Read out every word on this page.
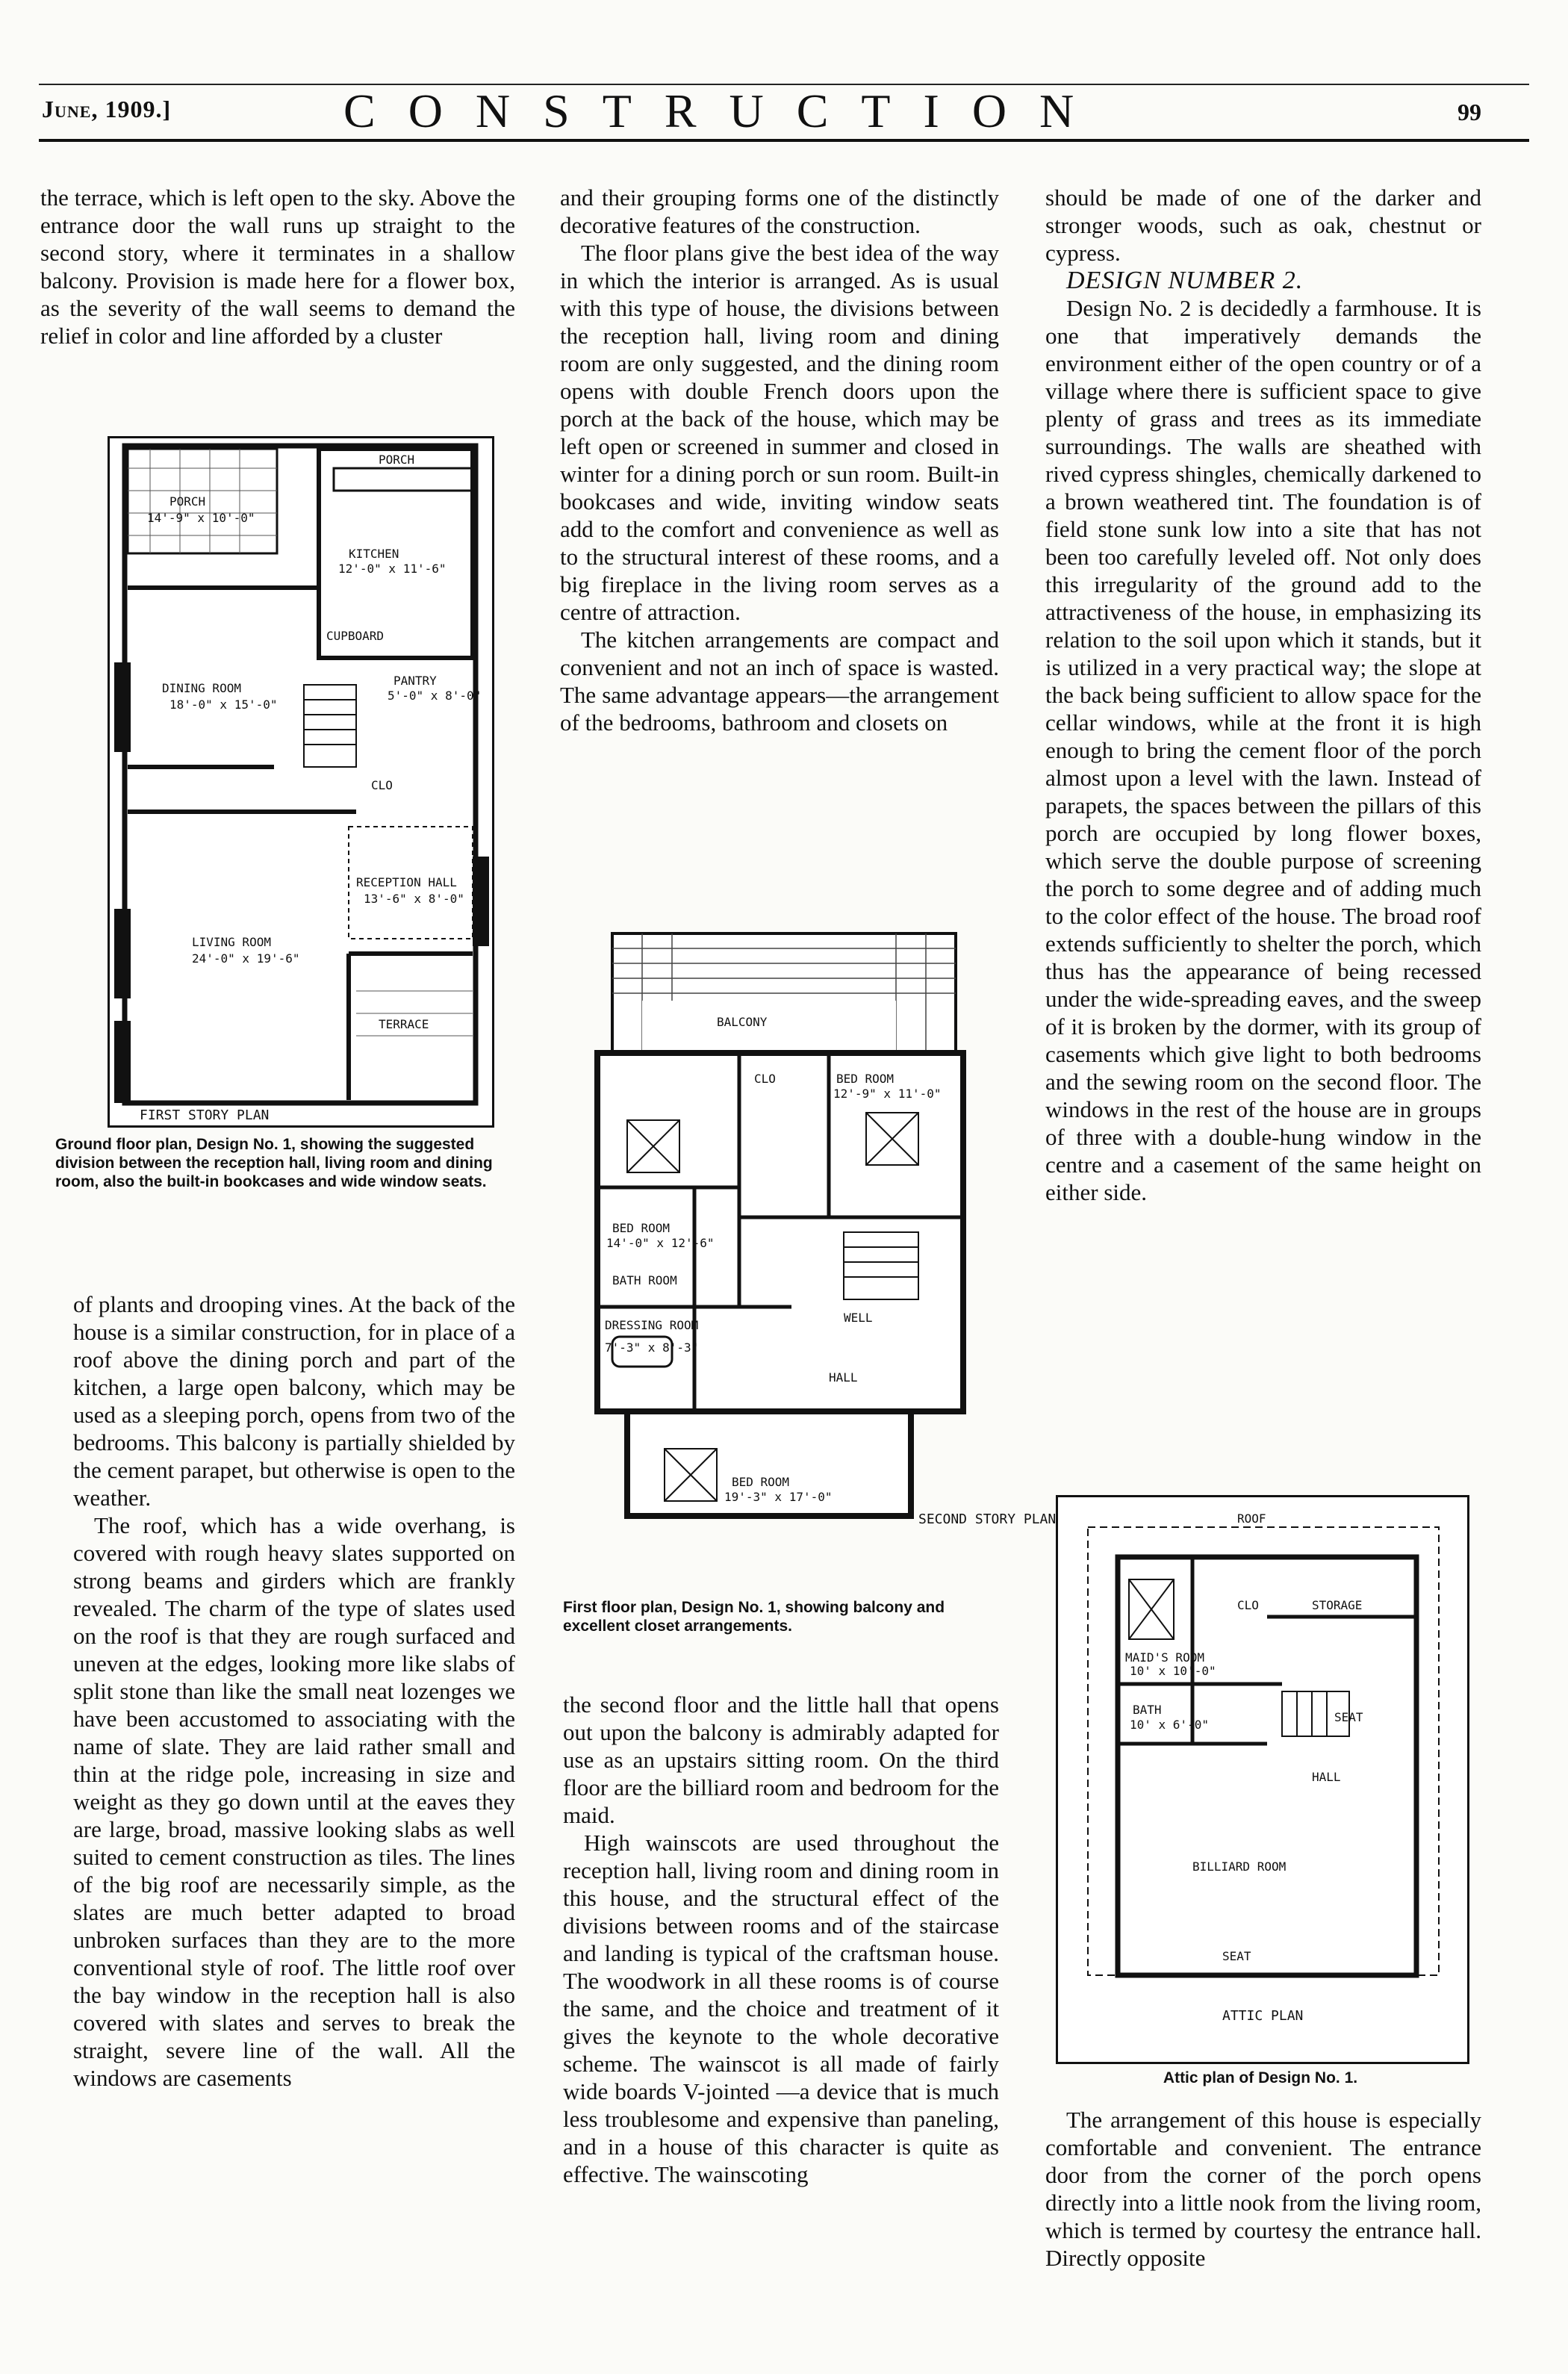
June, 1909.]	CONSTRUCTION	99

the terrace, which is left open to the sky. Above the entrance door the wall runs up straight to the second story, where it terminates in a shallow balcony. Provision is made here for a flower box, as the severity of the wall seems to demand the relief in color and line afforded by a cluster

PORCH
14'-9" x 10'-0"
PORCH
KITCHEN
12'-0" x 11'-6"
CUPBOARD
DINING ROOM
18'-0" x 15'-0"
PANTRY
5'-0" x 8'-0"
CLO
RECEPTION HALL
13'-6" x 8'-0"
LIVING ROOM
24'-0" x 19'-6"
TERRACE
FIRST STORY PLAN
Ground floor plan, Design No. 1, showing the suggested division between the reception hall, living room and dining room, also the built-in bookcases and wide window seats.

of plants and drooping vines. At the back of the house is a similar construction, for in place of a roof above the dining porch and part of the kitchen, a large open balcony, which may be used as a sleeping porch, opens from two of the bedrooms. This balcony is partially shielded by the cement parapet, but otherwise is open to the weather.

The roof, which has a wide overhang, is covered with rough heavy slates supported on strong beams and girders which are frankly revealed. The charm of the type of slates used on the roof is that they are rough surfaced and uneven at the edges, looking more like slabs of split stone than like the small neat lozenges we have been accustomed to associating with the name of slate. They are laid rather small and thin at the ridge pole, increasing in size and weight as they go down until at the eaves they are large, broad, massive looking slabs as well suited to cement construction as tiles. The lines of the big roof are necessarily simple, as the slates are much better adapted to broad unbroken surfaces than they are to the more conventional style of roof. The little roof over the bay window in the reception hall is also covered with slates and serves to break the straight, severe line of the wall. All the windows are casements

and their grouping forms one of the distinctly decorative features of the construction.

The floor plans give the best idea of the way in which the interior is arranged. As is usual with this type of house, the divisions between the reception hall, living room and dining room are only suggested, and the dining room opens with double French doors upon the porch at the back of the house, which may be left open or screened in summer and closed in winter for a dining porch or sun room. Built-in bookcases and wide, inviting window seats add to the comfort and convenience as well as to the structural interest of these rooms, and a big fireplace in the living room serves as a centre of attraction.

The kitchen arrangements are compact and convenient and not an inch of space is wasted. The same advantage appears—the arrangement of the bedrooms, bathroom and closets on

BALCONY
BED ROOM
12'-9" x 11'-0"
BED ROOM
14'-0" x 12'-6"
CLO
BATH ROOM
WELL
HALL
DRESSING ROOM
7'-3" x 8'-3"
BED ROOM
19'-3" x 17'-0"
SECOND STORY PLAN
First floor plan, Design No. 1, showing balcony and excellent closet arrangements.

the second floor and the little hall that opens out upon the balcony is admirably adapted for use as an upstairs sitting room. On the third floor are the billiard room and bedroom for the maid.

High wainscots are used throughout the reception hall, living room and dining room in this house, and the structural effect of the divisions between rooms and of the staircase and landing is typical of the craftsman house. The woodwork in all these rooms is of course the same, and the choice and treatment of it gives the keynote to the whole decorative scheme. The wainscot is all made of fairly wide boards V-jointed —a device that is much less troublesome and expensive than paneling, and in a house of this character is quite as effective. The wainscoting

should be made of one of the darker and stronger woods, such as oak, chestnut or cypress.

DESIGN NUMBER 2.

Design No. 2 is decidedly a farmhouse. It is one that imperatively demands the environment either of the open country or of a village where there is sufficient space to give plenty of grass and trees as its immediate surroundings. The walls are sheathed with rived cypress shingles, chemically darkened to a brown weathered tint. The foundation is of field stone sunk low into a site that has not been too carefully leveled off. Not only does this irregularity of the ground add to the attractiveness of the house, in emphasizing its relation to the soil upon which it stands, but it is utilized in a very practical way; the slope at the back being sufficient to allow space for the cellar windows, while at the front it is high enough to bring the cement floor of the porch almost upon a level with the lawn. Instead of parapets, the spaces between the pillars of this porch are occupied by long flower boxes, which serve the double purpose of screening the porch to some degree and of adding much to the color effect of the house. The broad roof extends sufficiently to shelter the porch, which thus has the appearance of being recessed under the wide-spreading eaves, and the sweep of it is broken by the dormer, with its group of casements which give light to both bedrooms and the sewing room on the second floor. The windows in the rest of the house are in groups of three with a double-hung window in the centre and a casement of the same height on either side.

ROOF
CLO	STORAGE
MAID'S ROOM
10' x 10'-0"
BATH
10' x 6'-0"
SEAT
HALL
BILLIARD ROOM
SEAT
ATTIC PLAN
Attic plan of Design No. 1.

The arrangement of this house is especially comfortable and convenient. The entrance door from the corner of the porch opens directly into a little nook from the living room, which is termed by courtesy the entrance hall. Directly opposite
